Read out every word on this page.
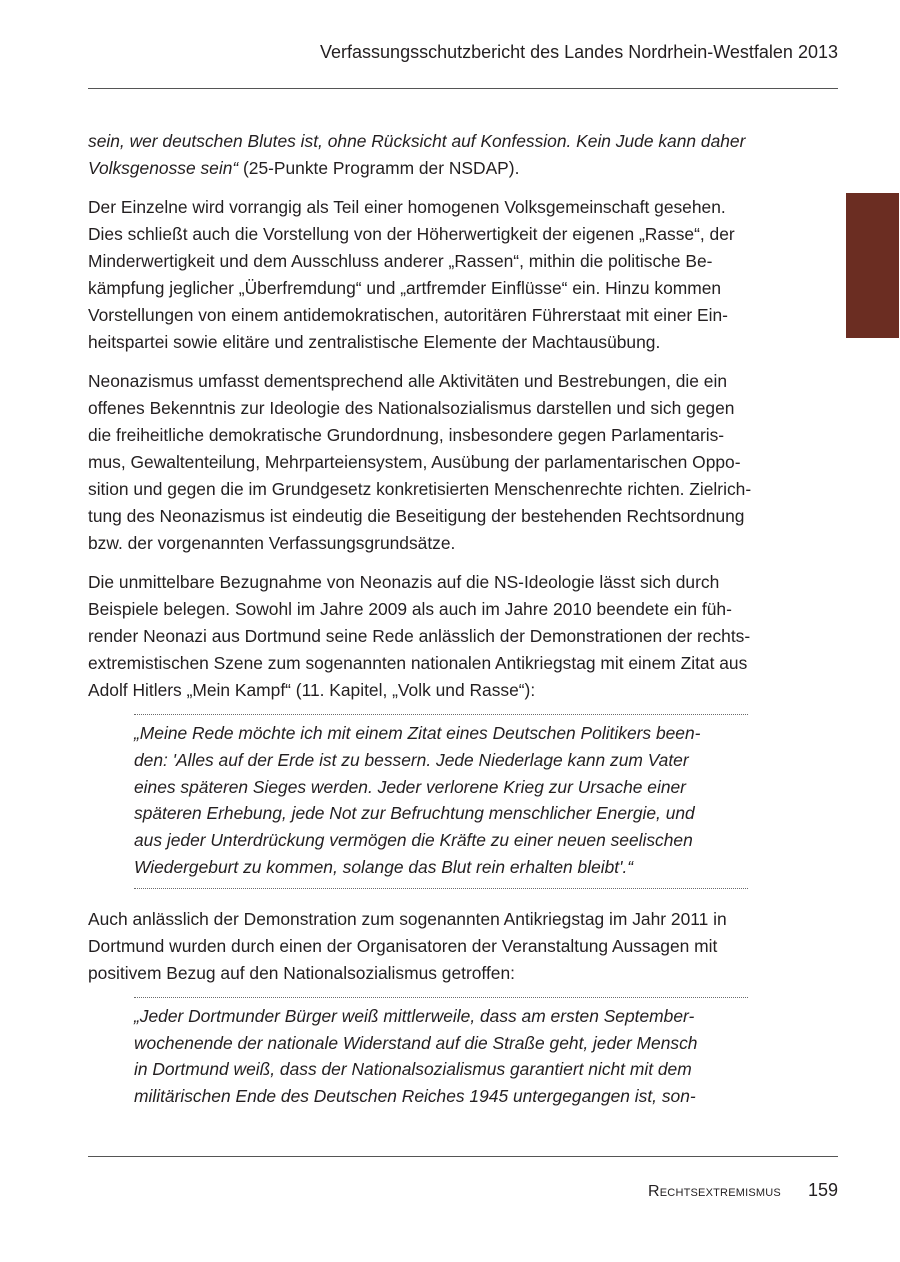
Verfassungsschutzbericht des Landes Nordrhein-Westfalen 2013
sein, wer deutschen Blutes ist, ohne Rücksicht auf Konfession. Kein Jude kann daher
Volksgenosse sein“ (25-Punkte Programm der NSDAP).
Der Einzelne wird vorrangig als Teil einer homogenen Volksgemeinschaft gesehen.
Dies schließt auch die Vorstellung von der Höherwertigkeit der eigenen „Rasse“, der
Minderwertigkeit und dem Ausschluss anderer „Rassen“, mithin die politische Be-
kämpfung jeglicher „Überfremdung“ und „artfremder Einflüsse“ ein. Hinzu kommen
Vorstellungen von einem antidemokratischen, autoritären Führerstaat mit einer Ein-
heitspartei sowie elitäre und zentralistische Elemente der Machtausübung.
Neonazismus umfasst dementsprechend alle Aktivitäten und Bestrebungen, die ein
offenes Bekenntnis zur Ideologie des Nationalsozialismus darstellen und sich gegen
die freiheitliche demokratische Grundordnung, insbesondere gegen Parlamentaris-
mus, Gewaltenteilung, Mehrparteiensystem, Ausübung der parlamentarischen Oppo-
sition und gegen die im Grundgesetz konkretisierten Menschenrechte richten. Zielrich-
tung des Neonazismus ist eindeutig die Beseitigung der bestehenden Rechtsordnung
bzw. der vorgenannten Verfassungsgrundsätze.
Die unmittelbare Bezugnahme von Neonazis auf die NS-Ideologie lässt sich durch
Beispiele belegen. Sowohl im Jahre 2009 als auch im Jahre 2010 beendete ein füh-
render Neonazi aus Dortmund seine Rede anlässlich der Demonstrationen der rechts-
extremistischen Szene zum sogenannten nationalen Antikriegstag mit einem Zitat aus
Adolf Hitlers „Mein Kampf“ (11. Kapitel, „Volk und Rasse“):
„Meine Rede möchte ich mit einem Zitat eines Deutschen Politikers been-
den: 'Alles auf der Erde ist zu bessern. Jede Niederlage kann zum Vater
eines späteren Sieges werden. Jeder verlorene Krieg zur Ursache einer
späteren Erhebung, jede Not zur Befruchtung menschlicher Energie, und
aus jeder Unterdrückung vermögen die Kräfte zu einer neuen seelischen
Wiedergeburt zu kommen, solange das Blut rein erhalten bleibt'.“
Auch anlässlich der Demonstration zum sogenannten Antikriegstag im Jahr 2011 in
Dortmund wurden durch einen der Organisatoren der Veranstaltung Aussagen mit
positivem Bezug auf den Nationalsozialismus getroffen:
„Jeder Dortmunder Bürger weiß mittlerweile, dass am ersten September-
wochenende der nationale Widerstand auf die Straße geht, jeder Mensch
in Dortmund weiß, dass der Nationalsozialismus garantiert nicht mit dem
militärischen Ende des Deutschen Reiches 1945 untergegangen ist, son-
Rechtsextremismus 159
